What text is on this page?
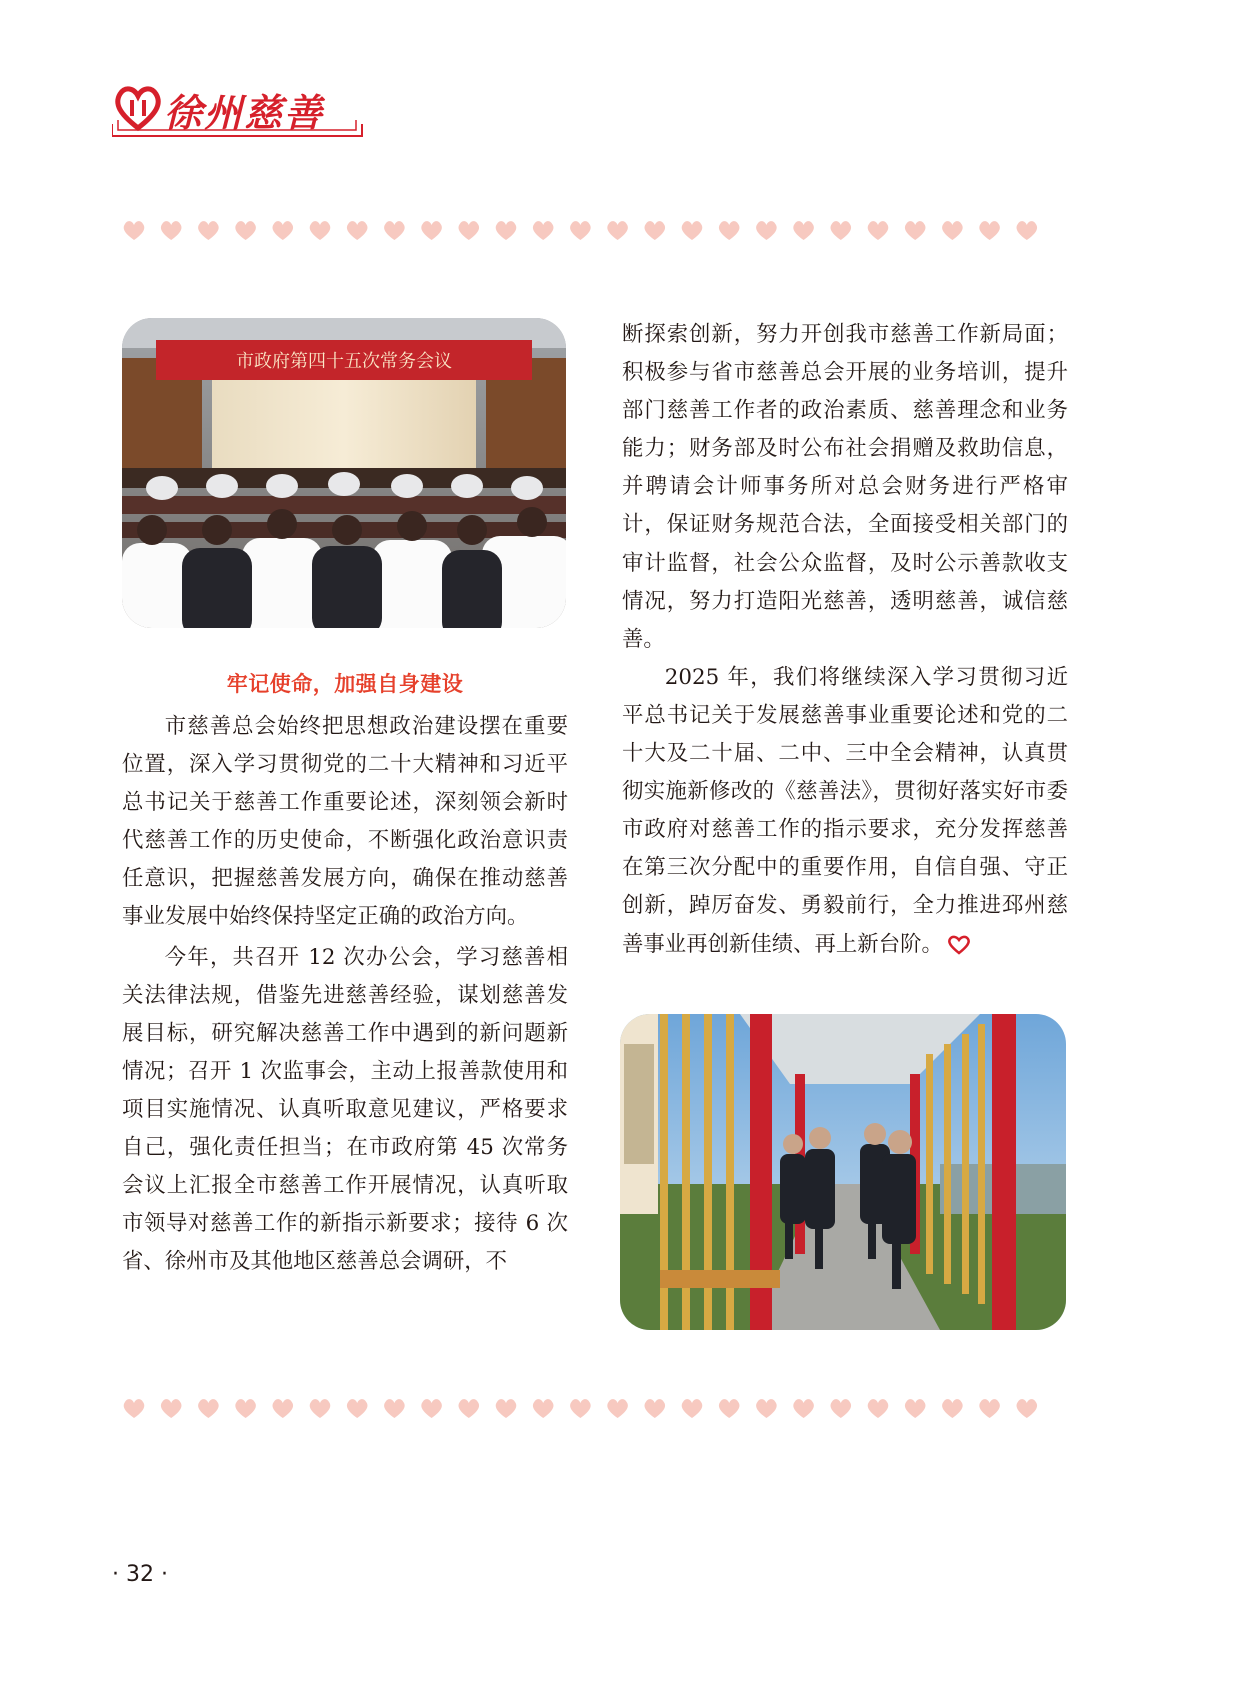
徐州慈善
市政府第四十五次常务会议
牢记使命，加强自身建设

市慈善总会始终把思想政治建设摆在重要位置，深入学习贯彻党的二十大精神和习近平总书记关于慈善工作重要论述，深刻领会新时代慈善工作的历史使命，不断强化政治意识责任意识，把握慈善发展方向，确保在推动慈善事业发展中始终保持坚定正确的政治方向。

今年，共召开 12 次办公会，学习慈善相关法律法规，借鉴先进慈善经验，谋划慈善发展目标，研究解决慈善工作中遇到的新问题新情况；召开 1 次监事会，主动上报善款使用和项目实施情况、认真听取意见建议，严格要求自己，强化责任担当；在市政府第 45 次常务会议上汇报全市慈善工作开展情况，认真听取市领导对慈善工作的新指示新要求；接待 6 次省、徐州市及其他地区慈善总会调研，不

断探索创新，努力开创我市慈善工作新局面；积极参与省市慈善总会开展的业务培训，提升部门慈善工作者的政治素质、慈善理念和业务能力；财务部及时公布社会捐赠及救助信息，并聘请会计师事务所对总会财务进行严格审计，保证财务规范合法，全面接受相关部门的审计监督，社会公众监督，及时公示善款收支情况，努力打造阳光慈善，透明慈善，诚信慈善。

2025 年，我们将继续深入学习贯彻习近平总书记关于发展慈善事业重要论述和党的二十大及二十届、二中、三中全会精神，认真贯彻实施新修改的《慈善法》，贯彻好落实好市委市政府对慈善工作的指示要求，充分发挥慈善在第三次分配中的重要作用，自信自强、守正创新，踔厉奋发、勇毅前行，全力推进邳州慈善事业再创新佳绩、再上新台阶。

· 32 ·
